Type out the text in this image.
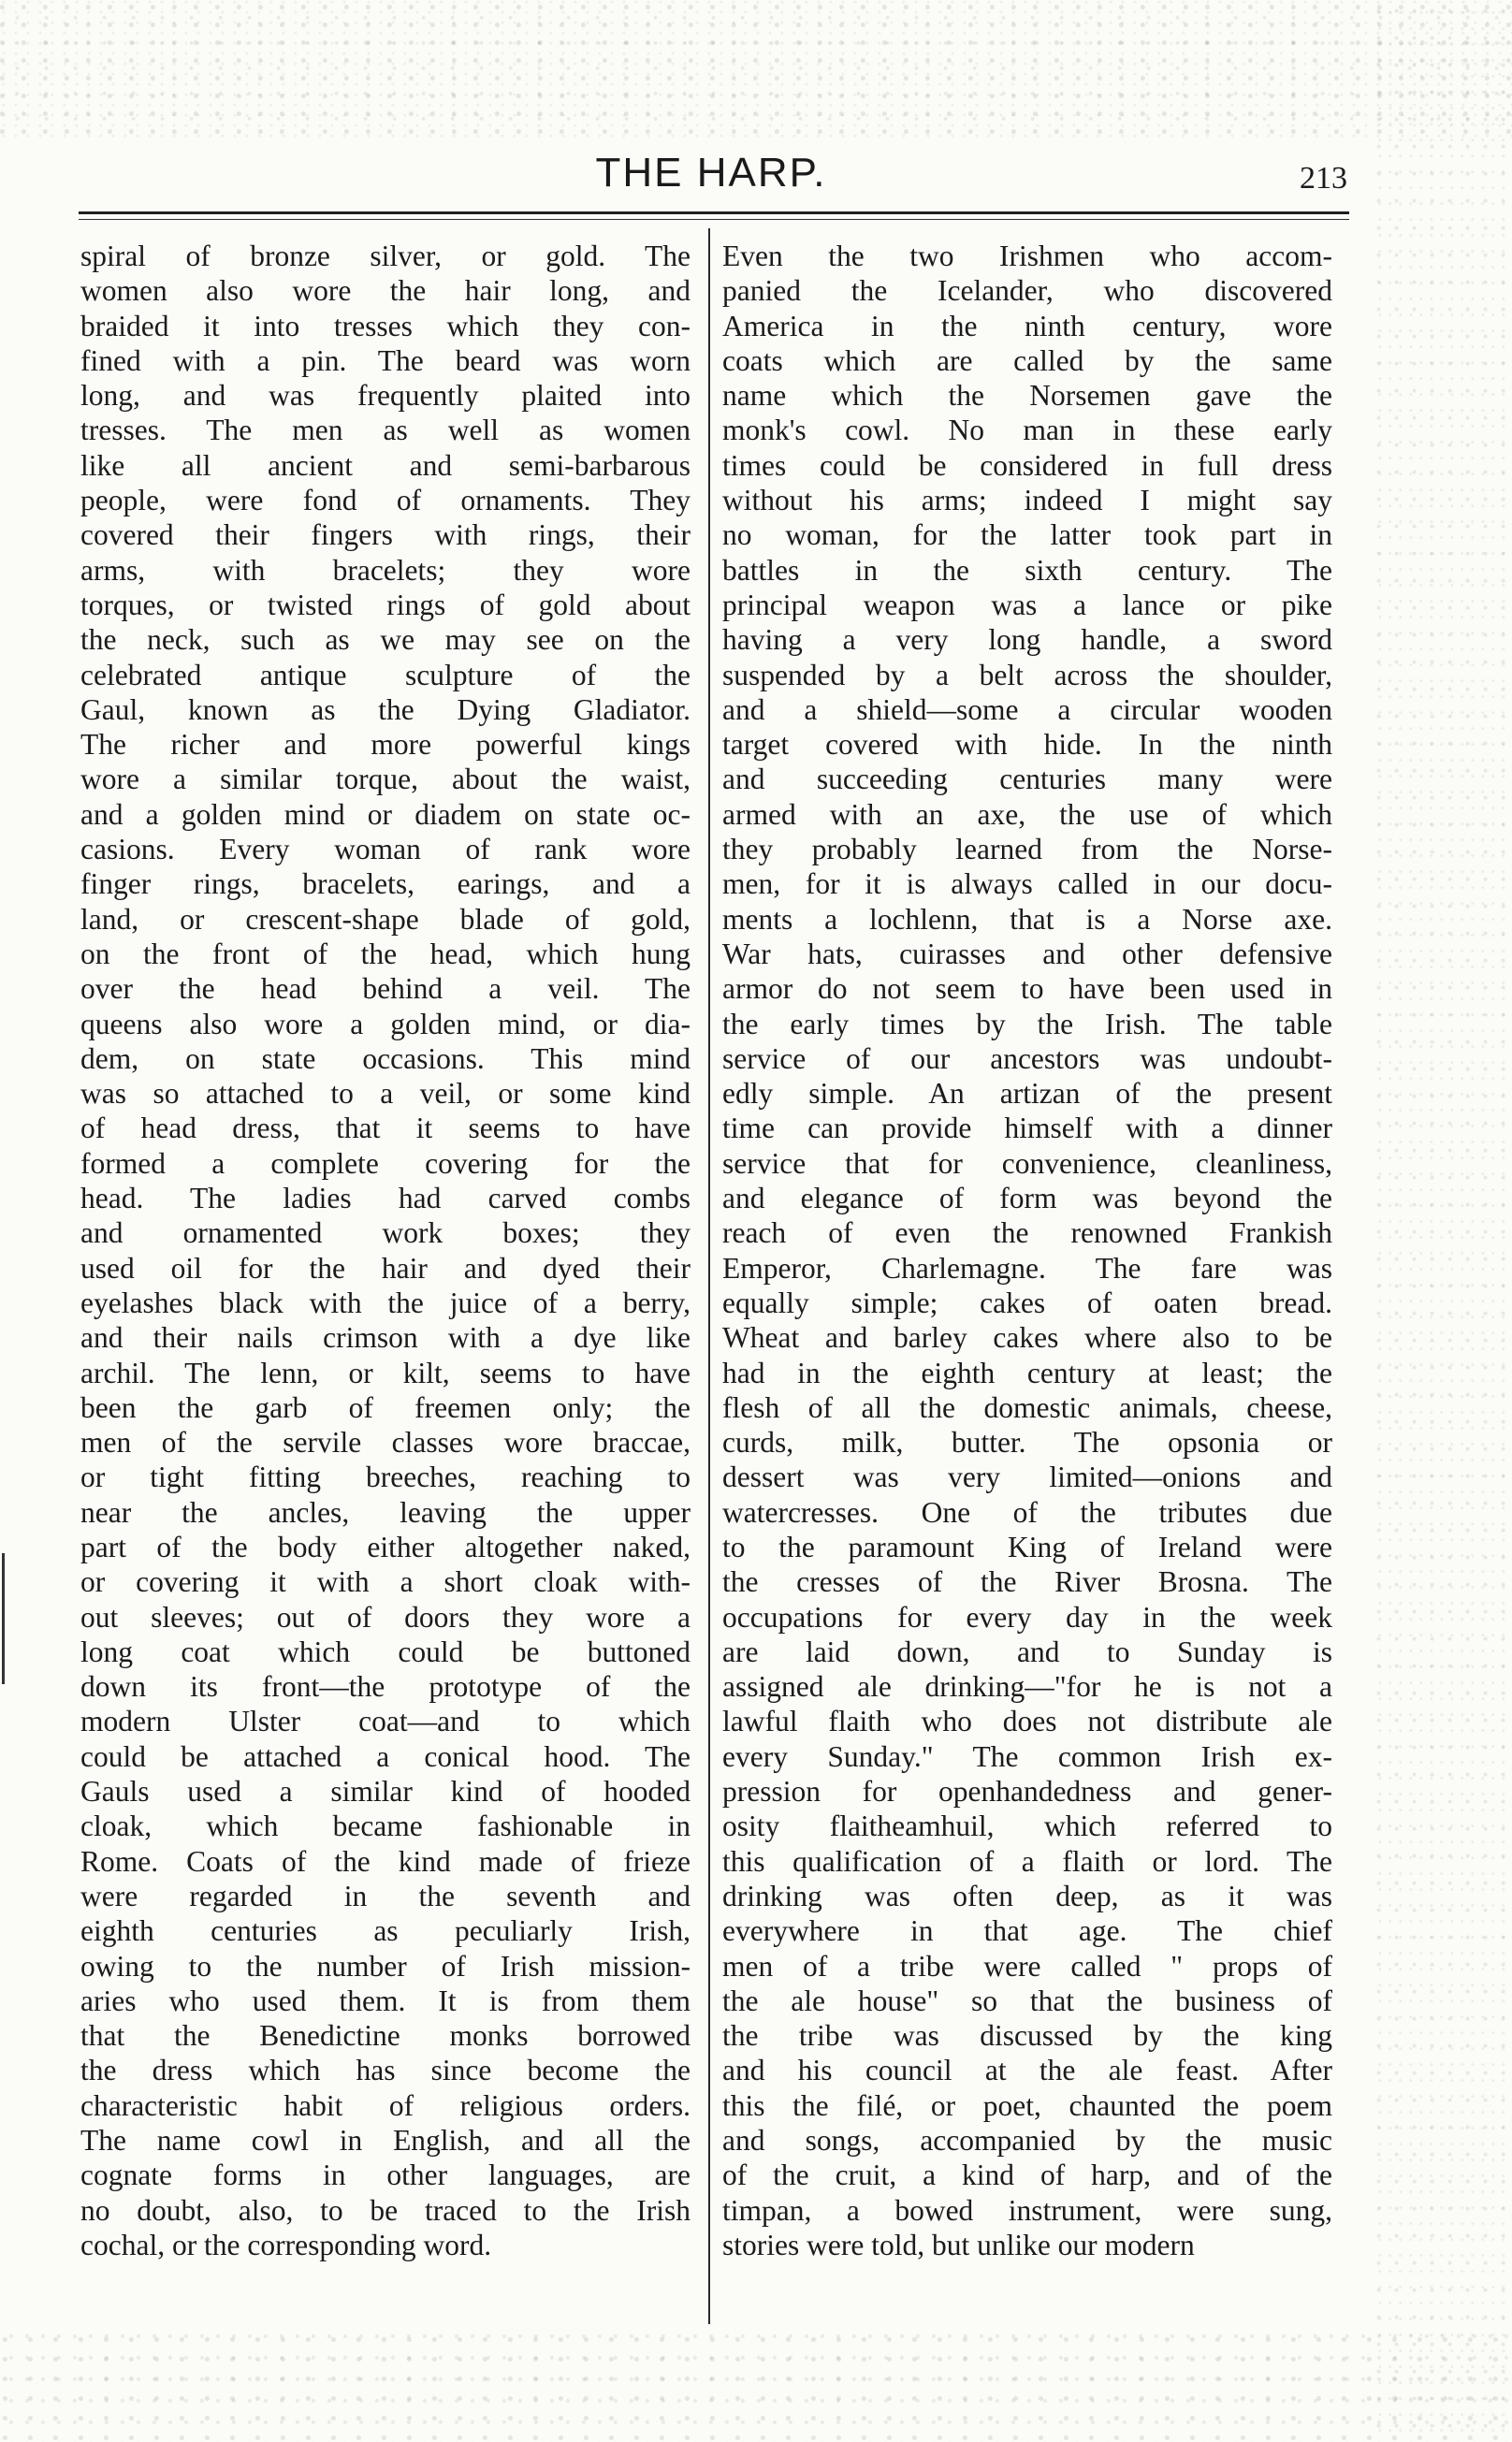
THE HARP.	213
spiral of bronze silver, or gold. The
women also wore the hair long, and
braided it into tresses which they con-
fined with a pin. The beard was worn
long, and was frequently plaited into
tresses. The men as well as women
like all ancient and semi-barbarous
people, were fond of ornaments. They
covered their fingers with rings, their
arms, with bracelets; they wore
torques, or twisted rings of gold about
the neck, such as we may see on the
celebrated antique sculpture of the
Gaul, known as the Dying Gladiator.
The richer and more powerful kings
wore a similar torque, about the waist,
and a golden mind or diadem on state oc-
casions. Every woman of rank wore
finger rings, bracelets, earings, and a
land, or crescent-shape blade of gold,
on the front of the head, which hung
over the head behind a veil. The
queens also wore a golden mind, or dia-
dem, on state occasions. This mind
was so attached to a veil, or some kind
of head dress, that it seems to have
formed a complete covering for the
head. The ladies had carved combs
and ornamented work boxes; they
used oil for the hair and dyed their
eyelashes black with the juice of a berry,
and their nails crimson with a dye like
archil. The lenn, or kilt, seems to have
been the garb of freemen only; the
men of the servile classes wore braccae,
or tight fitting breeches, reaching to
near the ancles, leaving the upper
part of the body either altogether naked,
or covering it with a short cloak with-
out sleeves; out of doors they wore a
long coat which could be buttoned
down its front—the prototype of the
modern Ulster coat—and to which
could be attached a conical hood. The
Gauls used a similar kind of hooded
cloak, which became fashionable in
Rome. Coats of the kind made of frieze
were regarded in the seventh and
eighth centuries as peculiarly Irish,
owing to the number of Irish mission-
aries who used them. It is from them
that the Benedictine monks borrowed
the dress which has since become the
characteristic habit of religious orders.
The name cowl in English, and all the
cognate forms in other languages, are
no doubt, also, to be traced to the Irish
cochal, or the corresponding word.
Even the two Irishmen who accom-
panied the Icelander, who discovered
America in the ninth century, wore
coats which are called by the same
name which the Norsemen gave the
monk's cowl. No man in these early
times could be considered in full dress
without his arms; indeed I might say
no woman, for the latter took part in
battles in the sixth century. The
principal weapon was a lance or pike
having a very long handle, a sword
suspended by a belt across the shoulder,
and a shield—some a circular wooden
target covered with hide. In the ninth
and succeeding centuries many were
armed with an axe, the use of which
they probably learned from the Norse-
men, for it is always called in our docu-
ments a lochlenn, that is a Norse axe.
War hats, cuirasses and other defensive
armor do not seem to have been used in
the early times by the Irish. The table
service of our ancestors was undoubt-
edly simple. An artizan of the present
time can provide himself with a dinner
service that for convenience, cleanliness,
and elegance of form was beyond the
reach of even the renowned Frankish
Emperor, Charlemagne. The fare was
equally simple; cakes of oaten bread.
Wheat and barley cakes where also to be
had in the eighth century at least; the
flesh of all the domestic animals, cheese,
curds, milk, butter. The opsonia or
dessert was very limited—onions and
watercresses. One of the tributes due
to the paramount King of Ireland were
the cresses of the River Brosna. The
occupations for every day in the week
are laid down, and to Sunday is
assigned ale drinking—"for he is not a
lawful flaith who does not distribute ale
every Sunday." The common Irish ex-
pression for openhandedness and gener-
osity flaitheamhuil, which referred to
this qualification of a flaith or lord. The
drinking was often deep, as it was
everywhere in that age. The chief
men of a tribe were called " props of
the ale house" so that the business of
the tribe was discussed by the king
and his council at the ale feast. After
this the filé, or poet, chaunted the poem
and songs, accompanied by the music
of the cruit, a kind of harp, and of the
timpan, a bowed instrument, were sung,
stories were told, but unlike our modern
